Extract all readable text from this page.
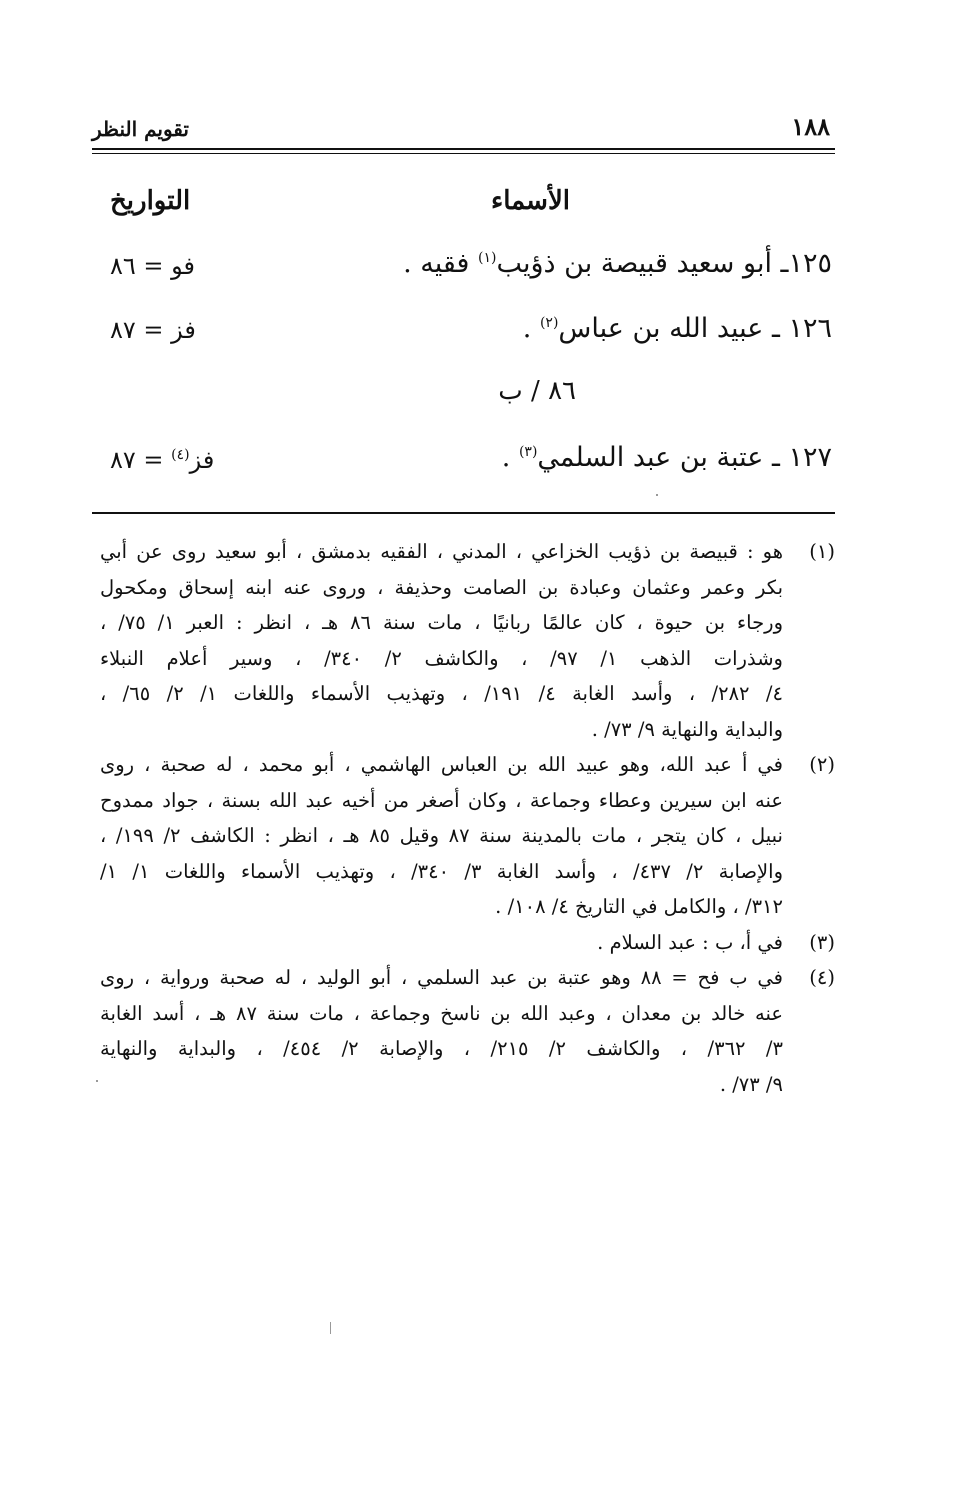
١٨٨
تقويم النظر
الأسماء
التواريخ
١٢٥ـ أبو سعيد قبيصة بن ذؤيب$^{(١)}$ فقيه .
فو = ٨٦
١٢٦ ـ عبيد الله بن عباس$^{(٢)}$ .
فز = ٨٧
٨٦ / ب
١٢٧ ـ عتبة بن عبد السلمي$^{(٣)}$ .
فز$^{(٤)}$ = ٨٧
(١)
هو : قبيصة بن ذؤيب الخزاعي ، المدني ، الفقيه بدمشق ، أبو سعيد روى عن أبي
بكر وعمر وعثمان وعبادة بن الصامت وحذيفة ، وروى عنه ابنه إسحاق ومكحول
ورجاء بن حيوة ، كان عالمًا ربانيًا ، مات سنة ٨٦ هـ ، انظر : العبر ١/ ٧٥/ ،
وشذرات الذهب ١/ ٩٧/ ، والكاشف ٢/ ٣٤٠/ ، وسير أعلام النبلاء
٤/ ٢٨٢/ ، وأسد الغابة ٤/ ١٩١/ ، وتهذيب الأسماء واللغات ١/ ٢/ ٦٥/ ،
والبداية والنهاية ٩/ ٧٣/ .
(٢)
في أ عبد الله، وهو عبيد الله بن العباس الهاشمي ، أبو محمد ، له صحبة ، روى
عنه ابن سيرين وعطاء وجماعة ، وكان أصغر من أخيه عبد الله بسنة ، جواد ممدوح
نبيل ، كان يتجر ، مات بالمدينة سنة ٨٧ وقيل ٨٥ هـ ، انظر : الكاشف ٢/ ١٩٩/ ،
والإصابة ٢/ ٤٣٧/ ، وأسد الغابة ٣/ ٣٤٠/ ، وتهذيب الأسماء واللغات ١/ ١/
٣١٢/ ، والكامل في التاريخ ٤/ ١٠٨/ .
(٣)
في أ، ب : عبد السلام .
(٤)
في ب فح = ٨٨ وهو عتبة بن عبد السلمي ، أبو الوليد ، له صحبة ورواية ، روى
عنه خالد بن معدان ، وعبد الله بن ناسخ وجماعة ، مات سنة ٨٧ هـ ، أسد الغابة
٣/ ٣٦٢/ ، والكاشف ٢/ ٢١٥/ ، والإصابة ٢/ ٤٥٤/ ، والبداية والنهاية
٩/ ٧٣/ .
